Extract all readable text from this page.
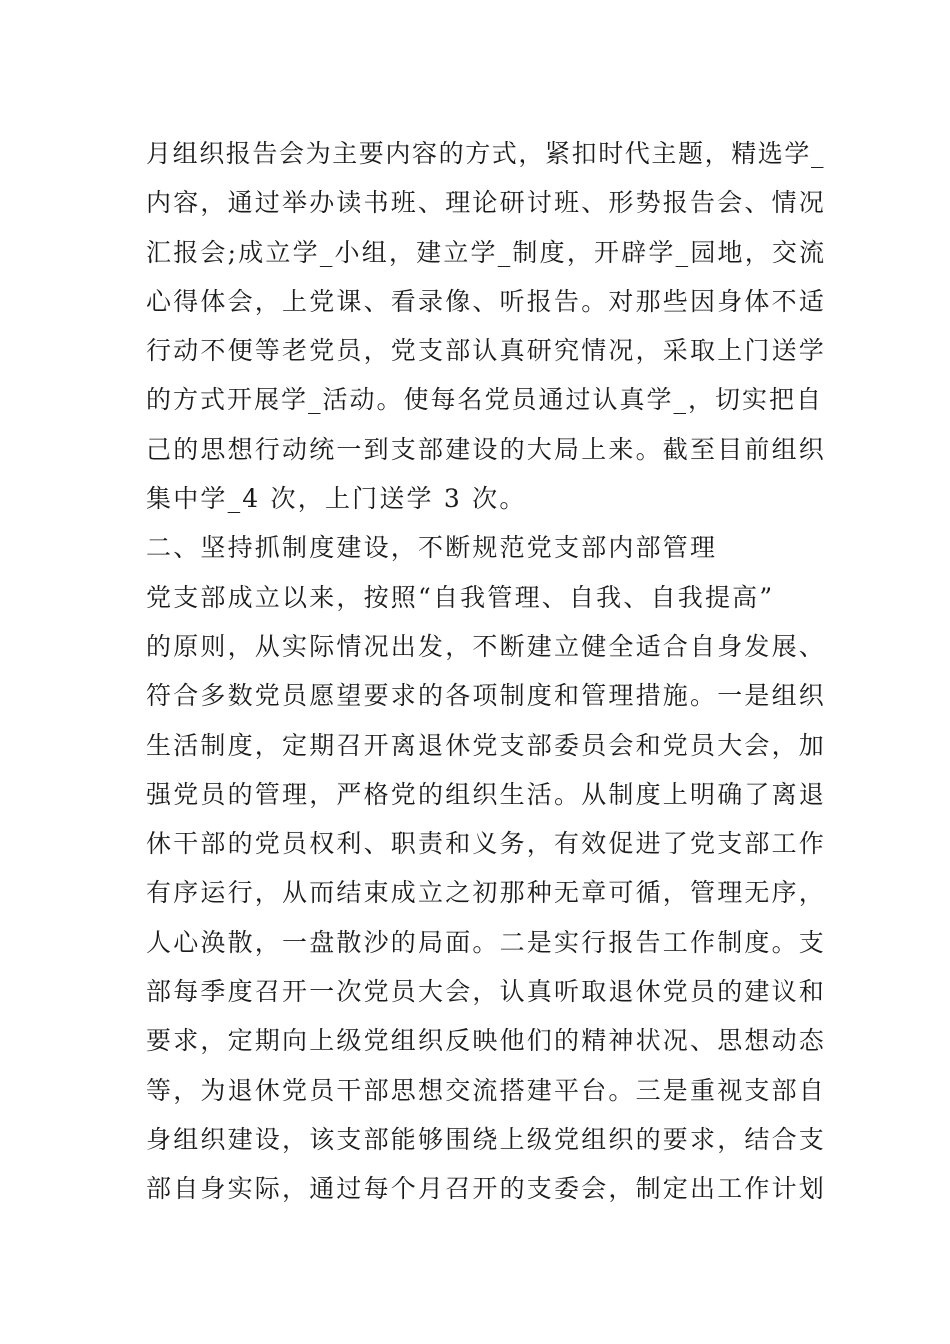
月组织报告会为主要内容的方式，紧扣时代主题，精选学_
内容，通过举办读书班、理论研讨班、形势报告会、情况
汇报会;成立学_小组，建立学_制度，开辟学_园地，交流
心得体会，上党课、看录像、听报告。对那些因身体不适
行动不便等老党员，党支部认真研究情况，采取上门送学
的方式开展学_活动。使每名党员通过认真学_，切实把自
己的思想行动统一到支部建设的大局上来。截至目前组织
集中学_4 次，上门送学 3 次。
二、坚持抓制度建设，不断规范党支部内部管理
党支部成立以来，按照“自我管理、自我、自我提高”
的原则，从实际情况出发，不断建立健全适合自身发展、
符合多数党员愿望要求的各项制度和管理措施。一是组织
生活制度，定期召开离退休党支部委员会和党员大会，加
强党员的管理，严格党的组织生活。从制度上明确了离退
休干部的党员权利、职责和义务，有效促进了党支部工作
有序运行，从而结束成立之初那种无章可循，管理无序，
人心涣散，一盘散沙的局面。二是实行报告工作制度。支
部每季度召开一次党员大会，认真听取退休党员的建议和
要求，定期向上级党组织反映他们的精神状况、思想动态
等，为退休党员干部思想交流搭建平台。三是重视支部自
身组织建设，该支部能够围绕上级党组织的要求，结合支
部自身实际，通过每个月召开的支委会，制定出工作计划
